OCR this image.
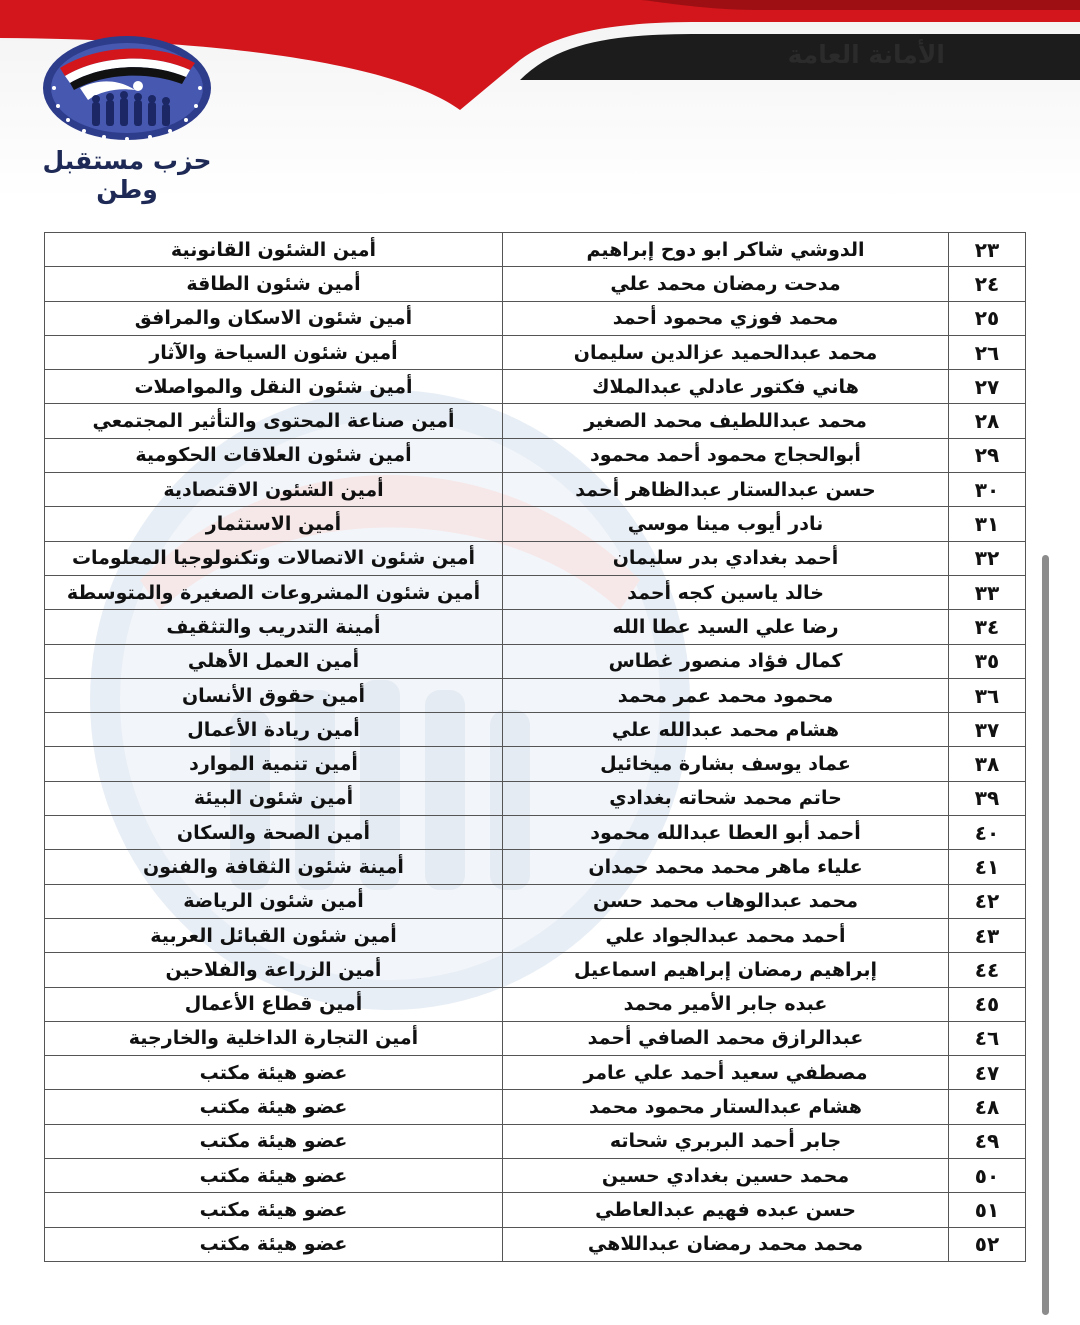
الأمانة العامة
حزب مستقبل وطن
٢٣	الدوشي شاكر ابو دوح إبراهيم	أمين الشئون القانونية
٢٤	مدحت رمضان محمد علي	أمين شئون الطاقة
٢٥	محمد فوزي محمود أحمد	أمين شئون الاسكان والمرافق
٢٦	محمد عبدالحميد عزالدين سليمان	أمين شئون السياحة والآثار
٢٧	هاني فكتور عادلي عبدالملاك	أمين شئون النقل والمواصلات
٢٨	محمد عبداللطيف محمد الصغير	أمين صناعة المحتوى والتأثير المجتمعي
٢٩	أبوالحجاج محمود أحمد محمود	أمين شئون العلاقات الحكومية
٣٠	حسن عبدالستار عبدالظاهر أحمد	أمين الشئون الاقتصادية
٣١	نادر أيوب مينا موسي	أمين الاستثمار
٣٢	أحمد بغدادي بدر سليمان	أمين شئون الاتصالات وتكنولوجيا المعلومات
٣٣	خالد ياسين كجه أحمد	أمين شئون المشروعات الصغيرة والمتوسطة
٣٤	رضا علي السيد عطا الله	أمينة التدريب والتثقيف
٣٥	كمال فؤاد منصور غطاس	أمين العمل الأهلي
٣٦	محمود محمد عمر محمد	أمين حقوق الأنسان
٣٧	هشام محمد عبدالله علي	أمين ريادة الأعمال
٣٨	عماد يوسف بشارة ميخائيل	أمين تنمية الموارد
٣٩	حاتم محمد شحاته بغدادي	أمين شئون البيئة
٤٠	أحمد أبو العطا عبدالله محمود	أمين الصحة والسكان
٤١	علياء ماهر محمد محمد حمدان	أمينة شئون الثقافة والفنون
٤٢	محمد عبدالوهاب محمد حسن	أمين شئون الرياضة
٤٣	أحمد محمد عبدالجواد علي	أمين شئون القبائل العربية
٤٤	إبراهيم رمضان إبراهيم اسماعيل	أمين الزراعة والفلاحين
٤٥	عبده جابر الأمير محمد	أمين قطاع الأعمال
٤٦	عبدالرازق محمد الصافي أحمد	أمين التجارة الداخلية والخارجية
٤٧	مصطفي سعيد أحمد علي عامر	عضو هيئة مكتب
٤٨	هشام عبدالستار محمود محمد	عضو هيئة مكتب
٤٩	جابر أحمد البربري شحاته	عضو هيئة مكتب
٥٠	محمد حسين بغدادي حسين	عضو هيئة مكتب
٥١	حسن عبده فهيم عبدالعاطي	عضو هيئة مكتب
٥٢	محمد محمد رمضان عبداللاهي	عضو هيئة مكتب
